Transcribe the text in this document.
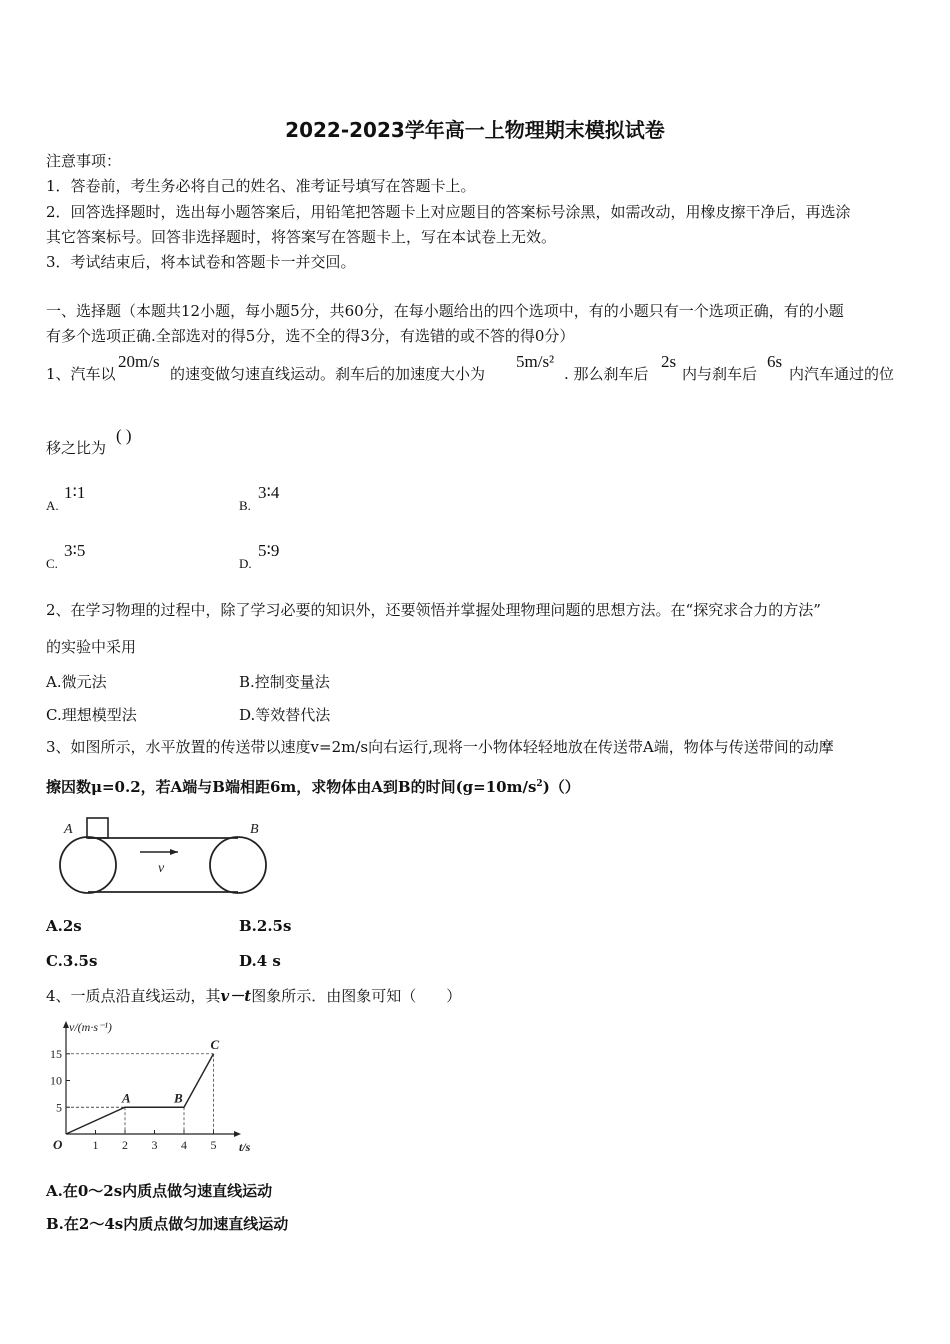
2022-2023学年高一上物理期末模拟试卷
注意事项：
1．答卷前，考生务必将自己的姓名、准考证号填写在答题卡上。
2．回答选择题时，选出每小题答案后，用铅笔把答题卡上对应题目的答案标号涂黑，如需改动，用橡皮擦干净后，再选涂
其它答案标号。回答非选择题时，将答案写在答题卡上，写在本试卷上无效。
3．考试结束后，将本试卷和答题卡一并交回。
一、选择题（本题共12小题，每小题5分，共60分，在每小题给出的四个选项中，有的小题只有一个选项正确，有的小题
有多个选项正确.全部选对的得5分，选不全的得3分，有选错的或不答的得0分）
1、汽车以
20m/s
的速变做匀速直线运动。刹车后的加速度大小为
5m/s²
. 那么刹车后
2s
内与刹车后
6s
内汽车通过的位
移之比为
( )
A.
1∶1
B.
3∶4
C.
3∶5
D.
5∶9
2、在学习物理的过程中，除了学习必要的知识外，还要领悟并掌握处理物理问题的思想方法。在“探究求合力的方法”
的实验中采用
A.微元法	B.控制变量法
C.理想模型法	D.等效替代法
3、如图所示，水平放置的传送带以速度v=2m/s向右运行,现将一小物体轻轻地放在传送带A端，物体与传送带间的动摩
擦因数μ=0.2，若A端与B端相距6m，求物体由A到B的时间$(g=10m/s^2)()$
A	B
v
A.2s	B.2.5s
C.3.5s	D.4 s
4、一质点沿直线运动，其v－t图象所示．由图象可知（　　）
v/(m·s⁻¹)
t/s
1 2 3 4 5
5
10
15
O
A	B
C
A.在0～2s内质点做匀速直线运动
B.在2～4s内质点做匀加速直线运动
